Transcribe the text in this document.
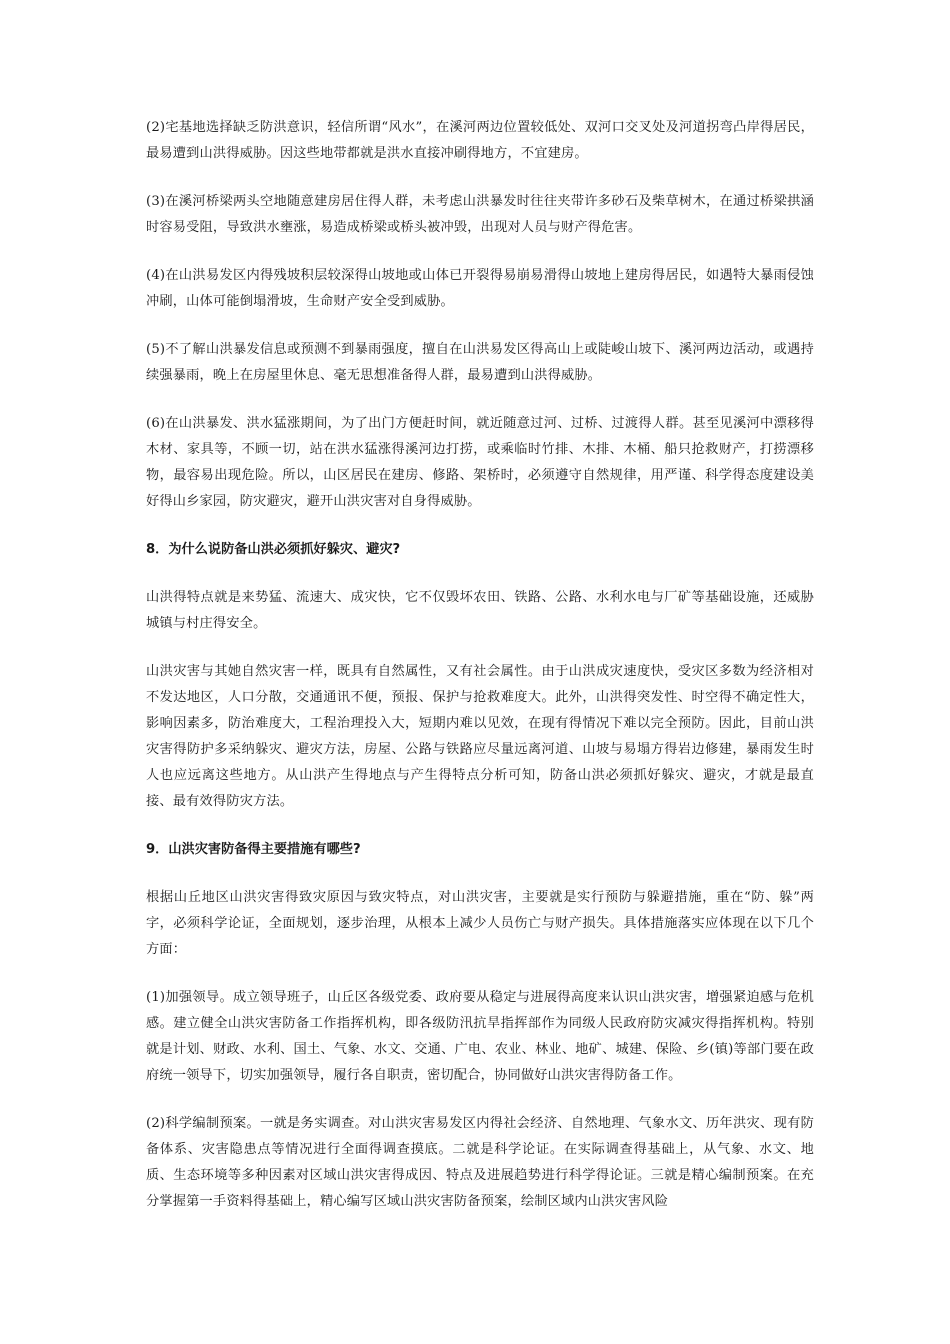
(2)宅基地选择缺乏防洪意识，轻信所谓“风水”，在溪河两边位置较低处、双河口交叉处及河道拐弯凸岸得居民，最易遭到山洪得威胁。因这些地带都就是洪水直接冲刷得地方，不宜建房。

(3)在溪河桥梁两头空地随意建房居住得人群，未考虑山洪暴发时往往夹带许多砂石及柴草树木，在通过桥梁拱涵时容易受阻，导致洪水壅涨，易造成桥梁或桥头被冲毁，出现对人员与财产得危害。

(4)在山洪易发区内得残坡积层较深得山坡地或山体已开裂得易崩易滑得山坡地上建房得居民，如遇特大暴雨侵蚀冲刷，山体可能倒塌滑坡，生命财产安全受到威胁。

(5)不了解山洪暴发信息或预测不到暴雨强度，擅自在山洪易发区得高山上或陡峻山坡下、溪河两边活动，或遇持续强暴雨，晚上在房屋里休息、毫无思想准备得人群，最易遭到山洪得威胁。

(6)在山洪暴发、洪水猛涨期间，为了出门方便赶时间，就近随意过河、过桥、过渡得人群。甚至见溪河中漂移得木材、家具等，不顾一切，站在洪水猛涨得溪河边打捞，或乘临时竹排、木排、木桶、船只抢救财产，打捞漂移物，最容易出现危险。所以，山区居民在建房、修路、架桥时，必须遵守自然规律，用严谨、科学得态度建设美好得山乡家园，防灾避灾，避开山洪灾害对自身得威胁。

8．为什么说防备山洪必须抓好躲灾、避灾?

山洪得特点就是来势猛、流速大、成灾快，它不仅毁坏农田、铁路、公路、水利水电与厂矿等基础设施，还威胁城镇与村庄得安全。

山洪灾害与其她自然灾害一样，既具有自然属性，又有社会属性。由于山洪成灾速度快，受灾区多数为经济相对不发达地区，人口分散，交通通讯不便，预报、保护与抢救难度大。此外，山洪得突发性、时空得不确定性大，影响因素多，防治难度大，工程治理投入大，短期内难以见效，在现有得情况下难以完全预防。因此，目前山洪灾害得防护多采纳躲灾、避灾方法，房屋、公路与铁路应尽量远离河道、山坡与易塌方得岩边修建，暴雨发生时人也应远离这些地方。从山洪产生得地点与产生得特点分析可知，防备山洪必须抓好躲灾、避灾，才就是最直接、最有效得防灾方法。

9．山洪灾害防备得主要措施有哪些?

根据山丘地区山洪灾害得致灾原因与致灾特点，对山洪灾害，主要就是实行预防与躲避措施，重在“防、躲”两字，必须科学论证，全面规划，逐步治理，从根本上减少人员伤亡与财产损失。具体措施落实应体现在以下几个方面：

(1)加强领导。成立领导班子，山丘区各级党委、政府要从稳定与进展得高度来认识山洪灾害，增强紧迫感与危机感。建立健全山洪灾害防备工作指挥机构，即各级防汛抗旱指挥部作为同级人民政府防灾减灾得指挥机构。特别就是计划、财政、水利、国土、气象、水文、交通、广电、农业、林业、地矿、城建、保险、乡(镇)等部门要在政府统一领导下，切实加强领导，履行各自职责，密切配合，协同做好山洪灾害得防备工作。

(2)科学编制预案。一就是务实调查。对山洪灾害易发区内得社会经济、自然地理、气象水文、历年洪灾、现有防备体系、灾害隐患点等情况进行全面得调查摸底。二就是科学论证。在实际调查得基础上，从气象、水文、地质、生态环境等多种因素对区域山洪灾害得成因、特点及进展趋势进行科学得论证。三就是精心编制预案。在充分掌握第一手资料得基础上，精心编写区域山洪灾害防备预案，绘制区域内山洪灾害风险
